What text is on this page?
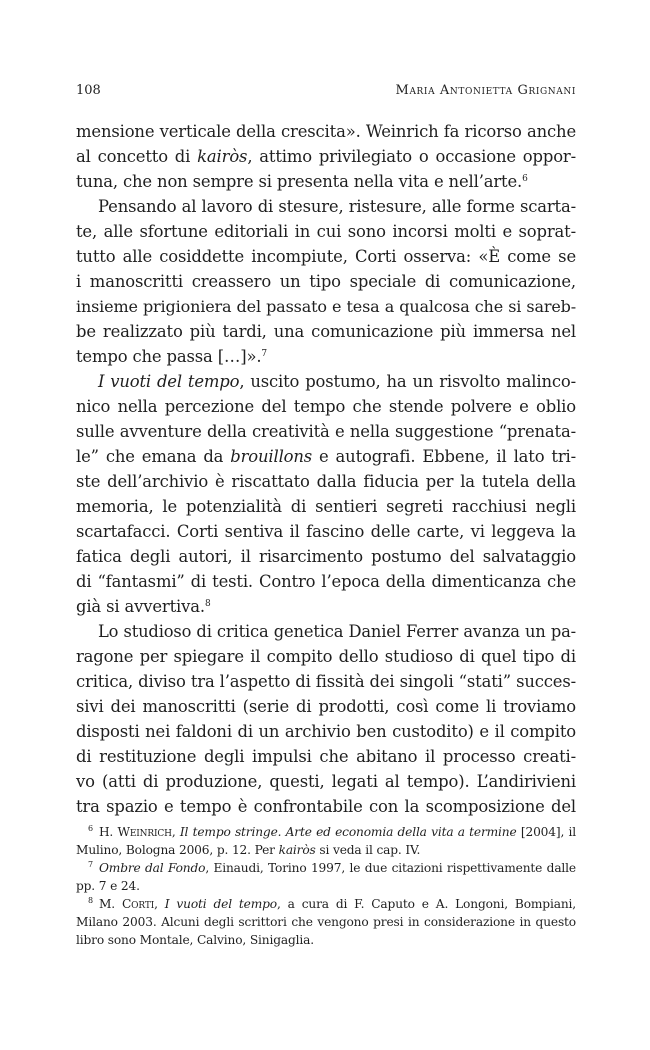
108	Maria Antonietta Grignani
mensione verticale della crescita». Weinrich fa ricorso anche
al concetto di kairòs, attimo privilegiato o occasione oppor-
tuna, che non sempre si presenta nella vita e nell’arte.$^6$
Pensando al lavoro di stesure, ristesure, alle forme scarta-
te, alle sfortune editoriali in cui sono incorsi molti e soprat-
tutto alle cosiddette incompiute, Corti osserva: «È come se
i manoscritti creassero un tipo speciale di comunicazione,
insieme prigioniera del passato e tesa a qualcosa che si sareb-
be realizzato più tardi, una comunicazione più immersa nel
tempo che passa […]».$^7$
I vuoti del tempo, uscito postumo, ha un risvolto malinco-
nico nella percezione del tempo che stende polvere e oblio
sulle avventure della creatività e nella suggestione “prenata-
le” che emana da brouillons e autografi. Ebbene, il lato tri-
ste dell’archivio è riscattato dalla fiducia per la tutela della
memoria, le potenzialità di sentieri segreti racchiusi negli
scartafacci. Corti sentiva il fascino delle carte, vi leggeva la
fatica degli autori, il risarcimento postumo del salvataggio
di “fantasmi” di testi. Contro l’epoca della dimenticanza che
già si avvertiva.$^8$
Lo studioso di critica genetica Daniel Ferrer avanza un pa-
ragone per spiegare il compito dello studioso di quel tipo di
critica, diviso tra l’aspetto di fissità dei singoli “stati” succes-
sivi dei manoscritti (serie di prodotti, così come li troviamo
disposti nei faldoni di un archivio ben custodito) e il compito
di restituzione degli impulsi che abitano il processo creati-
vo (atti di produzione, questi, legati al tempo). L’andirivieni
tra spazio e tempo è confrontabile con la scomposizione del
$^6$ H. Weinrich, Il tempo stringe. Arte ed economia della vita a termine [2004], il
Mulino, Bologna 2006, p. 12. Per kairòs si veda il cap. IV.
$^7$ Ombre dal Fondo, Einaudi, Torino 1997, le due citazioni rispettivamente dalle
pp. 7 e 24.
$^8$ M. Corti, I vuoti del tempo, a cura di F. Caputo e A. Longoni, Bompiani,
Milano 2003. Alcuni degli scrittori che vengono presi in considerazione in questo
libro sono Montale, Calvino, Sinigaglia.
